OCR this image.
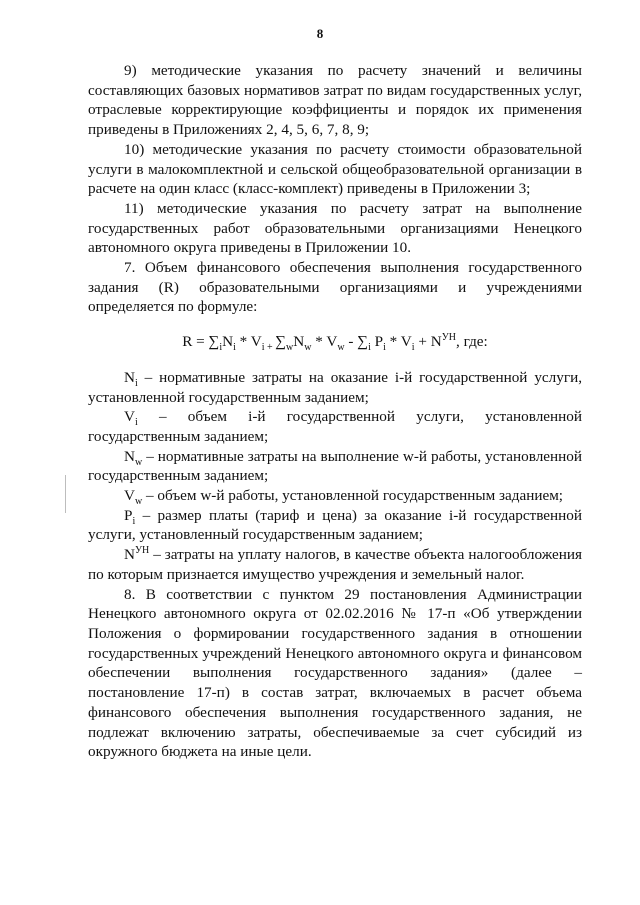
8

9) методические указания по расчету значений и величины составляющих базовых нормативов затрат по видам государственных услуг, отраслевые корректирующие коэффициенты и порядок их применения приведены в Приложениях 2, 4, 5, 6, 7, 8, 9;

10) методические указания по расчету стоимости образовательной услуги в малокомплектной и сельской общеобразовательной организации в расчете на один класс (класс-комплект) приведены в Приложении 3;

11) методические указания по расчету затрат на выполнение государственных работ образовательными организациями Ненецкого автономного округа приведены в Приложении 10.

7. Объем финансового обеспечения выполнения государственного задания (R) образовательными организациями и учреждениями определяется по формуле:

$R = \sum_iN_i * V_{i +}$ $\sum_wN_w * V_w - \sum_i$ $P_i * V_i + N^{УН}$, где:

$N_i$ – нормативные затраты на оказание i-й государственной услуги, установленной государственным заданием;

$V_i$ – объем i-й государственной услуги, установленной государственным заданием;

$N_w$ – нормативные затраты на выполнение w-й работы, установленной государственным заданием;

$V_w$ – объем w-й работы, установленной государственным заданием;

$P_i$ – размер платы (тариф и цена) за оказание i-й государственной услуги, установленный государственным заданием;

$N^{УН}$ – затраты на уплату налогов, в качестве объекта налогообложения по которым признается имущество учреждения и земельный налог.

8. В соответствии с пунктом 29 постановления Администрации Ненецкого автономного округа от 02.02.2016 № 17-п «Об утверждении Положения о формировании государственного задания в отношении государственных учреждений Ненецкого автономного округа и финансовом обеспечении выполнения государственного задания» (далее – постановление 17-п) в состав затрат, включаемых в расчет объема финансового обеспечения выполнения государственного задания, не подлежат включению затраты, обеспечиваемые за счет субсидий из окружного бюджета на иные цели.
